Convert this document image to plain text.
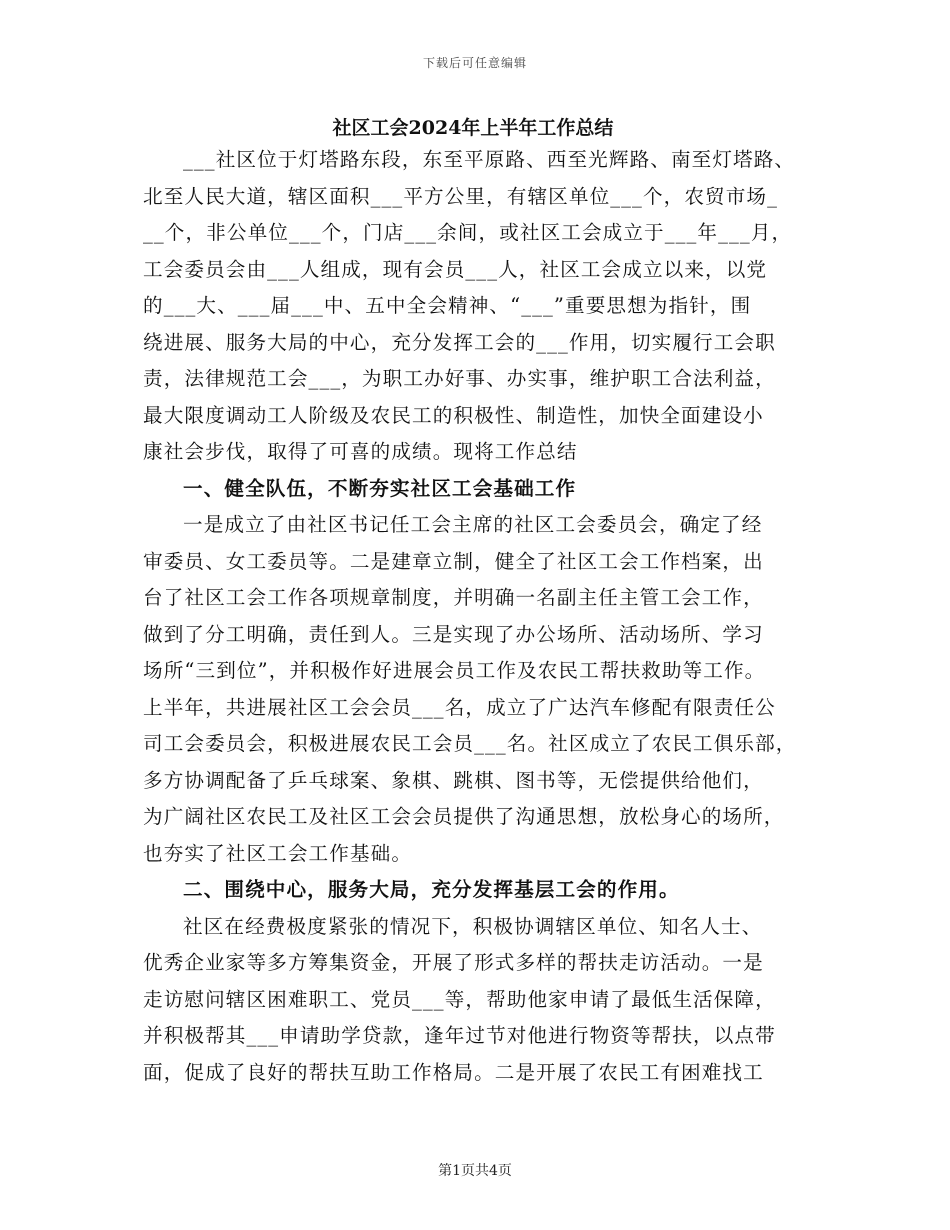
下载后可任意编辑
社区工会2024年上半年工作总结

___社区位于灯塔路东段，东至平原路、西至光辉路、南至灯塔路、

北至人民大道，辖区面积___平方公里，有辖区单位___个，农贸市场_

__个，非公单位___个，门店___余间，或社区工会成立于___年___月，

工会委员会由___人组成，现有会员___人，社区工会成立以来，以党

的___大、___届___中、五中全会精神、“___”重要思想为指针，围

绕进展、服务大局的中心，充分发挥工会的___作用，切实履行工会职

责，法律规范工会___，为职工办好事、办实事，维护职工合法利益，

最大限度调动工人阶级及农民工的积极性、制造性，加快全面建设小

康社会步伐，取得了可喜的成绩。现将工作总结

一、健全队伍，不断夯实社区工会基础工作

一是成立了由社区书记任工会主席的社区工会委员会，确定了经

审委员、女工委员等。二是建章立制，健全了社区工会工作档案，出

台了社区工会工作各项规章制度，并明确一名副主任主管工会工作，

做到了分工明确，责任到人。三是实现了办公场所、活动场所、学习

场所“三到位”，并积极作好进展会员工作及农民工帮扶救助等工作。

上半年，共进展社区工会会员___名，成立了广达汽车修配有限责任公

司工会委员会，积极进展农民工会员___名。社区成立了农民工俱乐部，

多方协调配备了乒乓球案、象棋、跳棋、图书等，无偿提供给他们，

为广阔社区农民工及社区工会会员提供了沟通思想，放松身心的场所，

也夯实了社区工会工作基础。

二、围绕中心，服务大局，充分发挥基层工会的作用。

社区在经费极度紧张的情况下，积极协调辖区单位、知名人士、

优秀企业家等多方筹集资金，开展了形式多样的帮扶走访活动。一是

走访慰问辖区困难职工、党员___等，帮助他家申请了最低生活保障，

并积极帮其___申请助学贷款，逢年过节对他进行物资等帮扶，以点带

面，促成了良好的帮扶互助工作格局。二是开展了农民工有困难找工

第1页共4页
